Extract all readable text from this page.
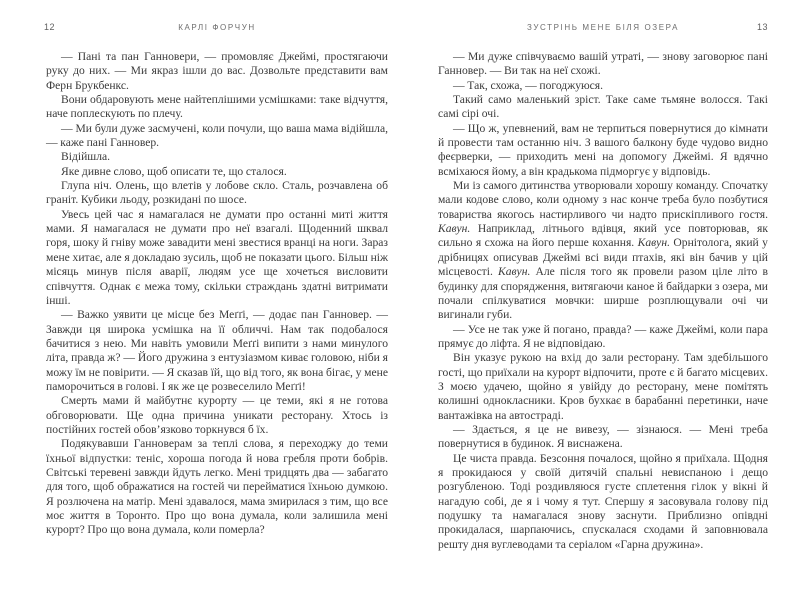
12	КАРЛІ ФОРЧУН	ЗУСТРІНЬ МЕНЕ БІЛЯ ОЗЕРА	13

— Пані та пан Ганновери, — промовляє Джеймі, простягаючи руку до них. — Ми якраз ішли до вас. Дозвольте представити вам Ферн Брукбенкс.

Вони обдаровують мене найтеплішими усмішками: таке відчуття, наче поплескують по плечу.

— Ми були дуже засмучені, коли почули, що ваша мама відійшла, — каже пані Ганновер.

Відійшла.

Яке дивне слово, щоб описати те, що сталося.

Глупа ніч. Олень, що влетів у лобове скло. Сталь, розчавлена об граніт. Кубики льоду, розкидані по шосе.

Увесь цей час я намагалася не думати про останні миті життя мами. Я намагалася не думати про неї взагалі. Щоденний шквал горя, шоку й гніву може завадити мені звестися вранці на ноги. Зараз мене хитає, але я докладаю зусиль, щоб не показати цього. Більш ніж місяць минув після аварії, людям усе ще хочеться висловити співчуття. Однак є межа тому, скільки страждань здатні витримати інші.

— Важко уявити це місце без Меґґі, — додає пан Ганновер. — Завжди ця широка усмішка на її обличчі. Нам так подобалося бачитися з нею. Ми навіть умовили Меґґі випити з нами минулого літа, правда ж? — Його дружина з ентузіазмом киває головою, ніби я можу їм не повірити. — Я сказав їй, що від того, як вона бігає, у мене паморочиться в голові. І як же це розвеселило Меґґі!

Смерть мами й майбутнє курорту — це теми, які я не готова обговорювати. Ще одна причина уникати ресторану. Хтось із постійних гостей обов’язково торкнувся б їх.

Подякувавши Ганноверам за теплі слова, я переходжу до теми їхньої відпустки: теніс, хороша погода й нова гребля проти бобрів. Світські теревені завжди йдуть легко. Мені тридцять два — забагато для того, щоб ображатися на гостей чи перейматися їхньою думкою. Я розлючена на матір. Мені здавалося, мама змирилася з тим, що все моє життя в Торонто. Про що вона думала, коли залишила мені курорт? Про що вона думала, коли померла?

— Ми дуже співчуваємо вашій утраті, — знову заговорює пані Ганновер. — Ви так на неї схожі.

— Так, схожа, — погоджуюся.

Такий само маленький зріст. Таке саме тьмяне волосся. Такі самі сірі очі.

— Що ж, упевнений, вам не терпиться повернутися до кімнати й провести там останню ніч. З вашого балкону буде чудово видно феєрверки, — приходить мені на допомогу Джеймі. Я вдячно всміхаюся йому, а він крадькома підморгує у відповідь.

Ми із самого дитинства утворювали хорошу команду. Спочатку мали кодове слово, коли одному з нас конче треба було позбутися товариства якогось настирливого чи надто прискіпливого гостя. Кавун. Наприклад, літнього вдівця, який усе повторював, як сильно я схожа на його перше кохання. Кавун. Орнітолога, який у дрібницях описував Джеймі всі види птахів, які він бачив у цій місцевості. Кавун. Але після того як провели разом ціле літо в будинку для спорядження, витягаючи каное й байдарки з озера, ми почали спілкуватися мовчки: ширше розплющували очі чи вигинали губи.

— Усе не так уже й погано, правда? — каже Джеймі, коли пара прямує до ліфта. Я не відповідаю.

Він указує рукою на вхід до зали ресторану. Там здебільшого гості, що приїхали на курорт відпочити, проте є й багато місцевих. З моєю удачею, щойно я увійду до ресторану, мене помітять колишні однокласники. Кров бухкає в барабанні перетинки, наче вантажівка на автостраді.

— Здається, я це не вивезу, — зізнаюся. — Мені треба повернутися в будинок. Я виснажена.

Це чиста правда. Безсоння почалося, щойно я приїхала. Щодня я прокидаюся у своїй дитячій спальні невиспаною і дещо розгубленою. Тоді роздивляюся густе сплетення гілок у вікні й нагадую собі, де я і чому я тут. Спершу я засовувала голову під подушку та намагалася знову заснути. Приблизно опівдні прокидалася, шарпаючись, спускалася сходами й заповнювала решту дня вуглеводами та серіалом «Гарна дружина».
